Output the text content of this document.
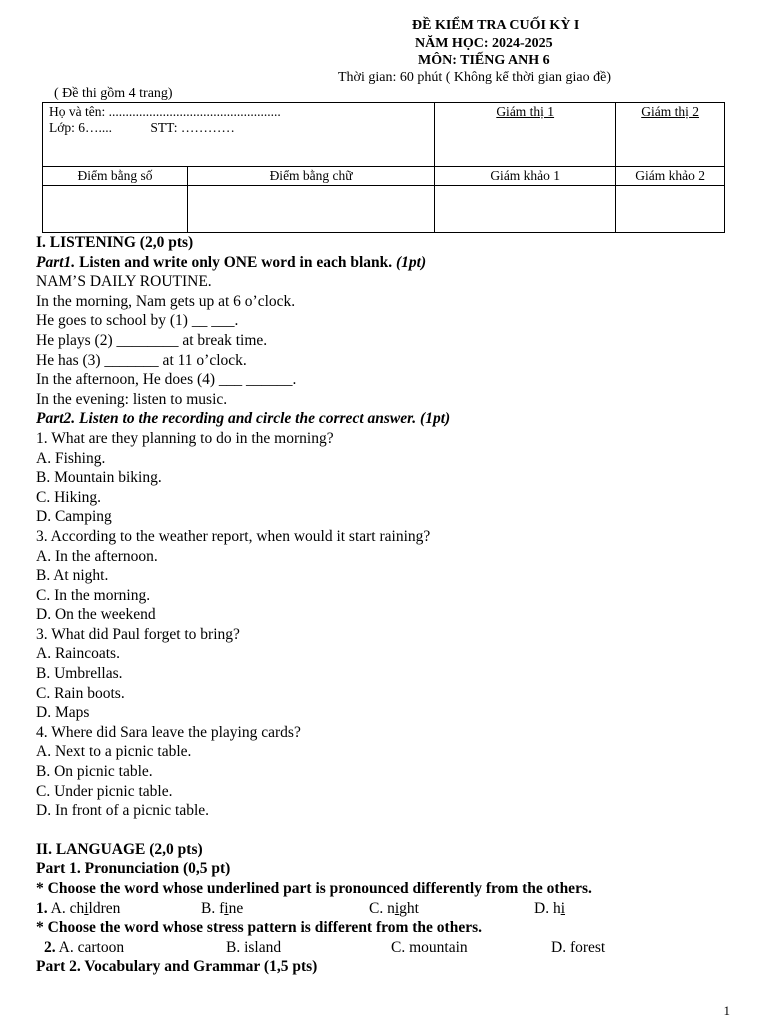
ĐỀ KIỂM TRA CUỐI KỲ I
NĂM HỌC: 2024-2025
MÔN: TIẾNG ANH 6
Thời gian: 60 phút ( Không kể thời gian giao đề)
( Đề thi gồm 4 trang)
Họ và tên: ...................................................
Lớp: 6….... STT: …………		Giám thị 1	Giám thị 2
Điểm bằng số	Điểm bằng chữ	Giám khảo 1	Giám khảo 2

I. LISTENING (2,0 pts)
Part1. Listen and write only ONE word in each blank. (1pt)
NAM’S DAILY ROUTINE.
In the morning, Nam gets up at 6 o’clock.
He goes to school by (1) __ ___.
He plays (2) ________ at break time.
He has (3) _______ at 11 o’clock.
In the afternoon, He does (4) ___ ______.
In the evening: listen to music.
Part2. Listen to the recording and circle the correct answer. (1pt)
1. What are they planning to do in the morning?
A. Fishing.
B. Mountain biking.
C. Hiking.
D. Camping
3. According to the weather report, when would it start raining?
A. In the afternoon.
B. At night.
C. In the morning.
D. On the weekend
3. What did Paul forget to bring?
A. Raincoats.
B. Umbrellas.
C. Rain boots.
D. Maps
4. Where did Sara leave the playing cards?
A. Next to a picnic table.
B. On picnic table.
C. Under picnic table.
D. In front of a picnic table.
II. LANGUAGE (2,0 pts)
Part 1. Pronunciation (0,5 pt)
* Choose the word whose underlined part is pronounced differently from the others.
1. A. children	B. fine	C. night	D. hi
* Choose the word whose stress pattern is different from the others.
2. A. cartoon	B. island	C. mountain	D. forest
Part 2. Vocabulary and Grammar (1,5 pts)
1
